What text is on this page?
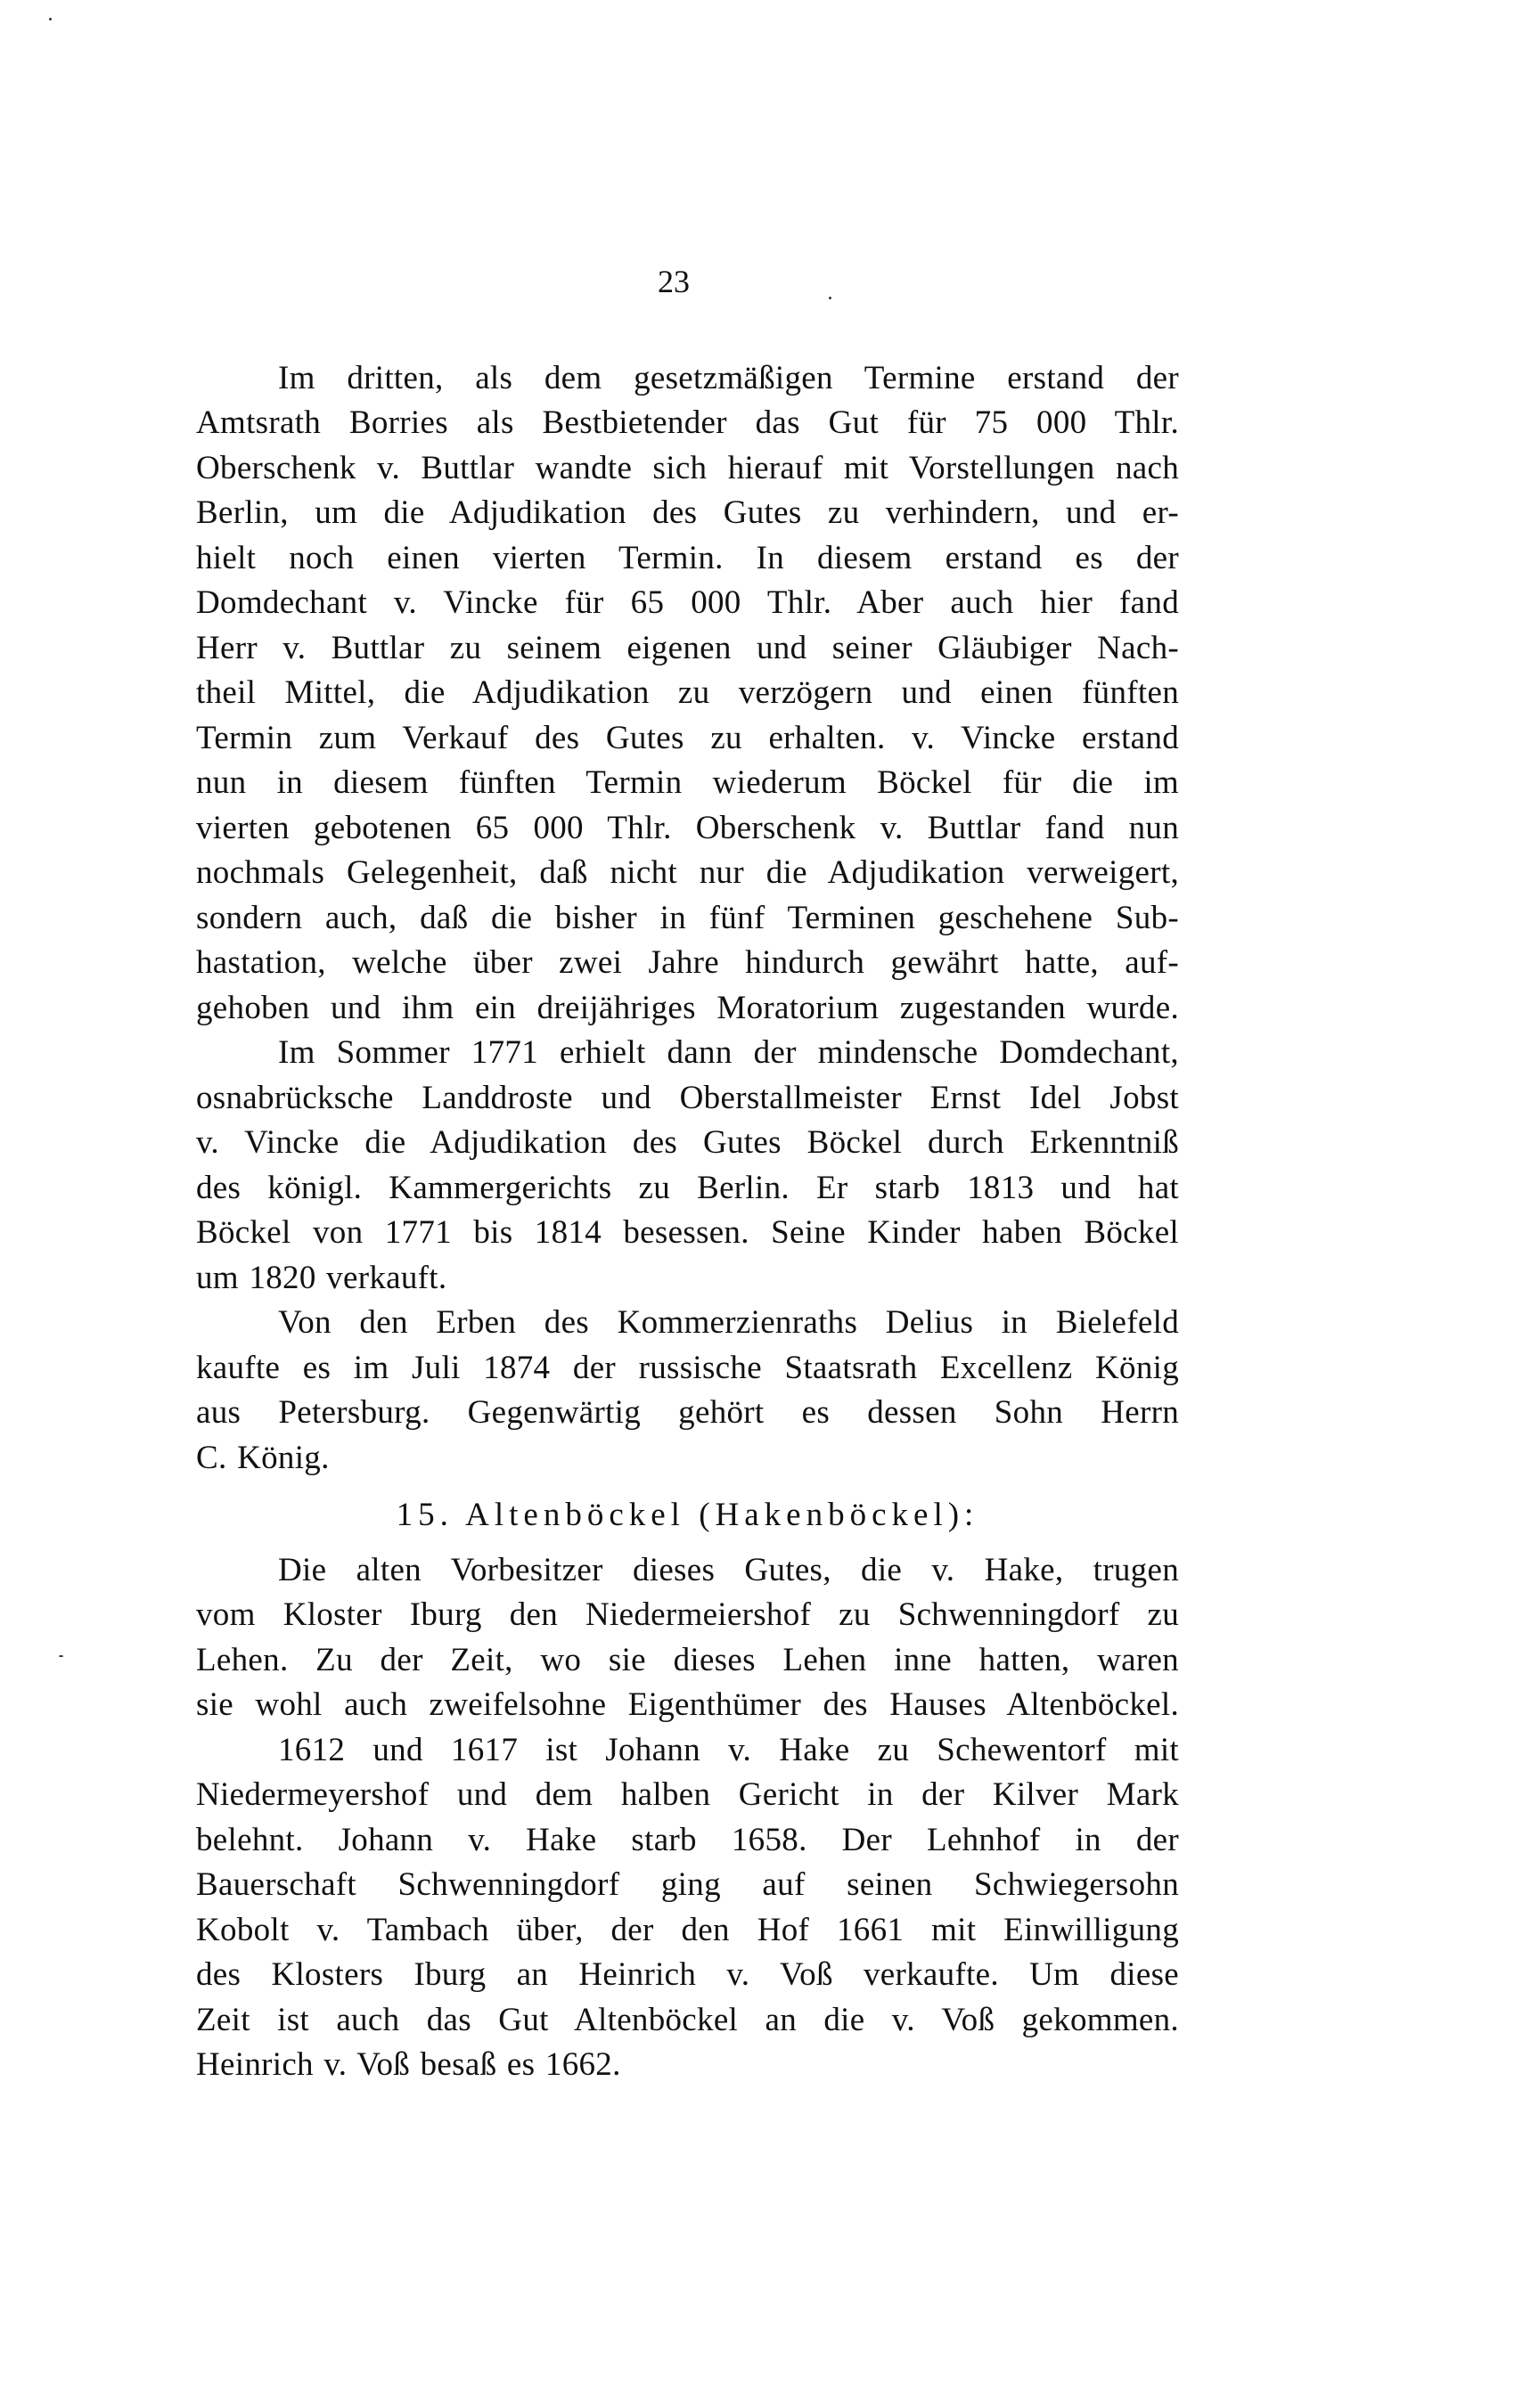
23
Im dritten, als dem gesetzmäßigen Termine erstand der
Amtsrath Borries als Bestbietender das Gut für 75 000 Thlr.
Oberschenk v. Buttlar wandte sich hierauf mit Vorstellungen nach
Berlin, um die Adjudikation des Gutes zu verhindern, und er-
hielt noch einen vierten Termin. In diesem erstand es der
Domdechant v. Vincke für 65 000 Thlr. Aber auch hier fand
Herr v. Buttlar zu seinem eigenen und seiner Gläubiger Nach-
theil Mittel, die Adjudikation zu verzögern und einen fünften
Termin zum Verkauf des Gutes zu erhalten. v. Vincke erstand
nun in diesem fünften Termin wiederum Böckel für die im
vierten gebotenen 65 000 Thlr. Oberschenk v. Buttlar fand nun
nochmals Gelegenheit, daß nicht nur die Adjudikation verweigert,
sondern auch, daß die bisher in fünf Terminen geschehene Sub-
hastation, welche über zwei Jahre hindurch gewährt hatte, auf-
gehoben und ihm ein dreijähriges Moratorium zugestanden wurde.
Im Sommer 1771 erhielt dann der mindensche Domdechant,
osnabrücksche Landdroste und Oberstallmeister Ernst Idel Jobst
v. Vincke die Adjudikation des Gutes Böckel durch Erkenntniß
des königl. Kammergerichts zu Berlin. Er starb 1813 und hat
Böckel von 1771 bis 1814 besessen. Seine Kinder haben Böckel
um 1820 verkauft.
Von den Erben des Kommerzienraths Delius in Bielefeld
kaufte es im Juli 1874 der russische Staatsrath Excellenz König
aus Petersburg. Gegenwärtig gehört es dessen Sohn Herrn
C. König.
15. Altenböckel (Hakenböckel):
Die alten Vorbesitzer dieses Gutes, die v. Hake, trugen
vom Kloster Iburg den Niedermeiershof zu Schwenningdorf zu
Lehen. Zu der Zeit, wo sie dieses Lehen inne hatten, waren
sie wohl auch zweifelsohne Eigenthümer des Hauses Altenböckel.
1612 und 1617 ist Johann v. Hake zu Schewentorf mit
Niedermeyershof und dem halben Gericht in der Kilver Mark
belehnt. Johann v. Hake starb 1658. Der Lehnhof in der
Bauerschaft Schwenningdorf ging auf seinen Schwiegersohn
Kobolt v. Tambach über, der den Hof 1661 mit Einwilligung
des Klosters Iburg an Heinrich v. Voß verkaufte. Um diese
Zeit ist auch das Gut Altenböckel an die v. Voß gekommen.
Heinrich v. Voß besaß es 1662.
